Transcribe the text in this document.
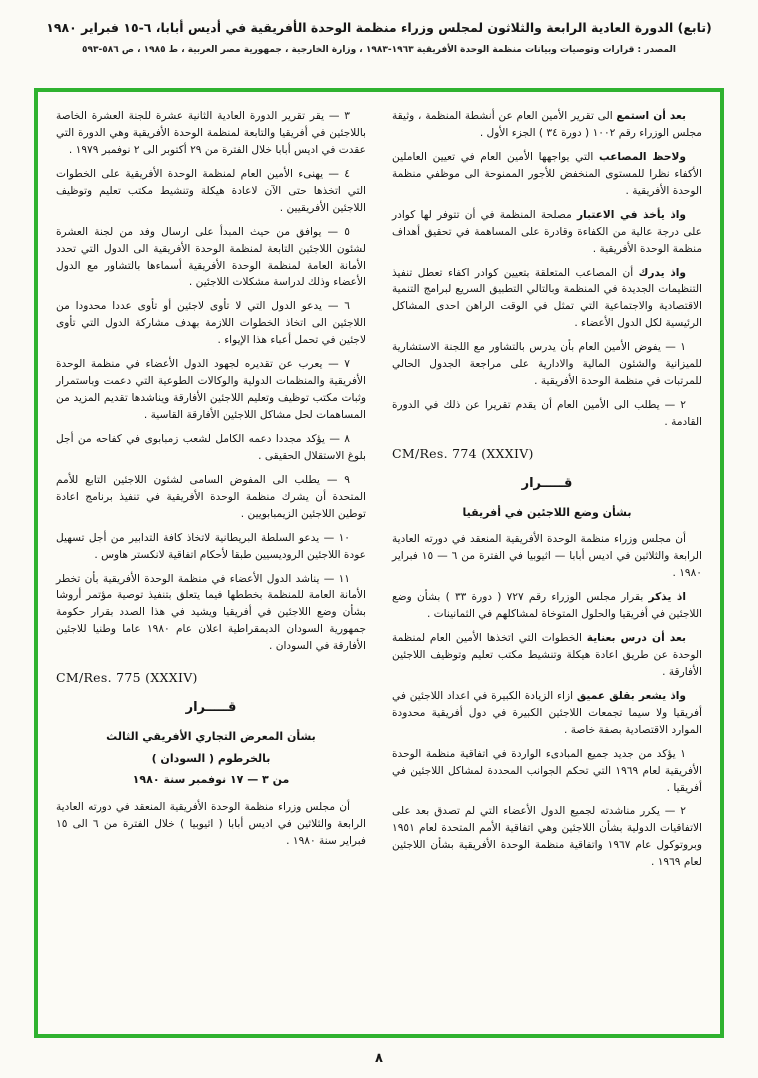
(تابع) الدورة العادية الرابعة والثلاثون لمجلس وزراء منظمة الوحدة الأفريقية في أديس أبابا، ٦-١٥ فبراير ١٩٨٠
المصدر : قرارات وتوصيات وبيانات منظمة الوحدة الأفريقية ١٩٦٣-١٩٨٣ ، وزارة الخارجية ، جمهورية مصر العربية ، ط ١٩٨٥ ، ص ٥٨٦-٥٩٣

بعد أن استمع الى تقرير الأمين العام عن أنشطة المنظمة ، وثيقة مجلس الوزراء رقم ١٠٠٢ ( دورة ٣٤ ) الجزء الأول .

ولاحظ المصاعب التي يواجهها الأمين العام في تعيين العاملين الأكفاء نظرا للمستوى المنخفض للأجور الممنوحة الى موظفي منظمة الوحدة الأفريقية .

واذ يأخذ في الاعتبار مصلحة المنظمة في أن تتوفر لها كوادر على درجة عالية من الكفاءة وقادرة على المساهمة في تحقيق أهداف منظمة الوحدة الأفريقية .

واذ يدرك أن المصاعب المتعلقة بتعيين كوادر اكفاء تعطل تنفيذ التنظيمات الجديدة في المنظمة وبالتالي التطبيق السريع لبرامج التنمية الاقتصادية والاجتماعية التي تمثل في الوقت الراهن احدى المشاكل الرئيسية لكل الدول الأعضاء .

١ — يفوض الأمين العام بأن يدرس بالتشاور مع اللجنة الاستشارية للميزانية والشئون المالية والادارية على مراجعة الجدول الحالي للمرتبات في منظمة الوحدة الأفريقية .

٢ — يطلب الى الأمين العام أن يقدم تقريرا عن ذلك في الدورة القادمة .

CM/Res. 774 (XXXIV)

قـــــرار

بشأن وضع اللاجئين في أفريقيا

أن مجلس وزراء منظمة الوحدة الأفريقية المنعقد في دورته العادية الرابعة والثلاثين في اديس أبابا — اثيوبيا في الفترة من ٦ — ١٥ فبراير ١٩٨٠ .

اذ يذكر بقرار مجلس الوزراء رقم ٧٢٧ ( دورة ٣٣ ) بشأن وضع اللاجئين في أفريقيا والحلول المتوخاة لمشاكلهم في الثمانينات .

بعد أن درس بعناية الخطوات التي اتخذها الأمين العام لمنظمة الوحدة عن طريق اعادة هيكلة وتنشيط مكتب تعليم وتوظيف اللاجئين الأفارقة .

واذ يشعر بقلق عميق ازاء الزيادة الكبيرة في اعداد اللاجئين في أفريقيا ولا سيما تجمعات اللاجئين الكبيرة في دول أفريقية محدودة الموارد الاقتصادية بصفة خاصة .

١ يؤكد من جديد جميع المبادىء الواردة في اتفاقية منظمة الوحدة الأفريقية لعام ١٩٦٩ التي تحكم الجوانب المحددة لمشاكل اللاجئين في أفريقيا .

٢ — يكرر مناشدته لجميع الدول الأعضاء التي لم تصدق بعد على الاتفاقيات الدولية بشأن اللاجئين وهي اتفاقية الأمم المتحدة لعام ١٩٥١ وبروتوكول عام ١٩٦٧ واتفاقية منظمة الوحدة الأفريقية بشأن اللاجئين لعام ١٩٦٩ .

٣ — يقر تقرير الدورة العادية الثانية عشرة للجنة العشرة الخاصة باللاجئين في أفريقيا والتابعة لمنظمة الوحدة الأفريقية وهي الدورة التي عقدت في اديس أبابا خلال الفترة من ٢٩ أكتوبر الى ٢ نوفمبر ١٩٧٩ .

٤ — يهنىء الأمين العام لمنظمة الوحدة الأفريقية على الخطوات التي اتخذها حتى الآن لاعادة هيكلة وتنشيط مكتب تعليم وتوظيف اللاجئين الأفريقيين .

٥ — يوافق من حيث المبدأ على ارسال وفد من لجنة العشرة لشئون اللاجئين التابعة لمنظمة الوحدة الأفريقية الى الدول التي تحدد الأمانة العامة لمنظمة الوحدة الأفريقية أسماءها بالتشاور مع الدول الأعضاء وذلك لدراسة مشكلات اللاجئين .

٦ — يدعو الدول التي لا تأوى لاجئين أو تأوى عددا محدودا من اللاجئين الى اتخاذ الخطوات اللازمة بهدف مشاركة الدول التي تأوى لاجئين في تحمل أعباء هذا الإيواء .

٧ — يعرب عن تقديره لجهود الدول الأعضاء في منظمة الوحدة الأفريقية والمنظمات الدولية والوكالات الطوعية التي دعمت وباستمرار وثبات مكتب توظيف وتعليم اللاجئين الأفارقة ويناشدها تقديم المزيد من المساهمات لحل مشاكل اللاجئين الأفارقة القاسية .

٨ — يؤكد مجددا دعمه الكامل لشعب زمبابوى في كفاحه من أجل بلوغ الاستقلال الحقيقى .

٩ — يطلب الى المفوض السامى لشئون اللاجئين التابع للأمم المتحدة أن يشرك منظمة الوحدة الأفريقية في تنفيذ برنامج اعادة توطين اللاجئين الزيمبابويين .

١٠ — يدعو السلطة البريطانية لاتخاذ كافة التدابير من أجل تسهيل عودة اللاجئين الروديسيين طبقا لأحكام اتفاقية لانكستر هاوس .

١١ — يناشد الدول الأعضاء في منظمة الوحدة الأفريقية بأن تخطر الأمانة العامة للمنظمة بخططها فيما يتعلق بتنفيذ توصية مؤتمر أروشا بشأن وضع اللاجئين في أفريقيا ويشيد في هذا الصدد بقرار حكومة جمهورية السودان الديمقراطية اعلان عام ١٩٨٠ عاما وطنيا للاجئين الأفارقة في السودان .

CM/Res. 775 (XXXIV)

قـــــرار

بشأن المعرض التجاري الأفريقي الثالث

بالخرطوم ( السودان )

من ٣ — ١٧ نوفمبر سنة ١٩٨٠

أن مجلس وزراء منظمة الوحدة الأفريقية المنعقد في دورته العادية الرابعة والثلاثين في اديس أبابا ( اثيوبيا ) خلال الفترة من ٦ الى ١٥ فبراير سنة ١٩٨٠ .

٨
